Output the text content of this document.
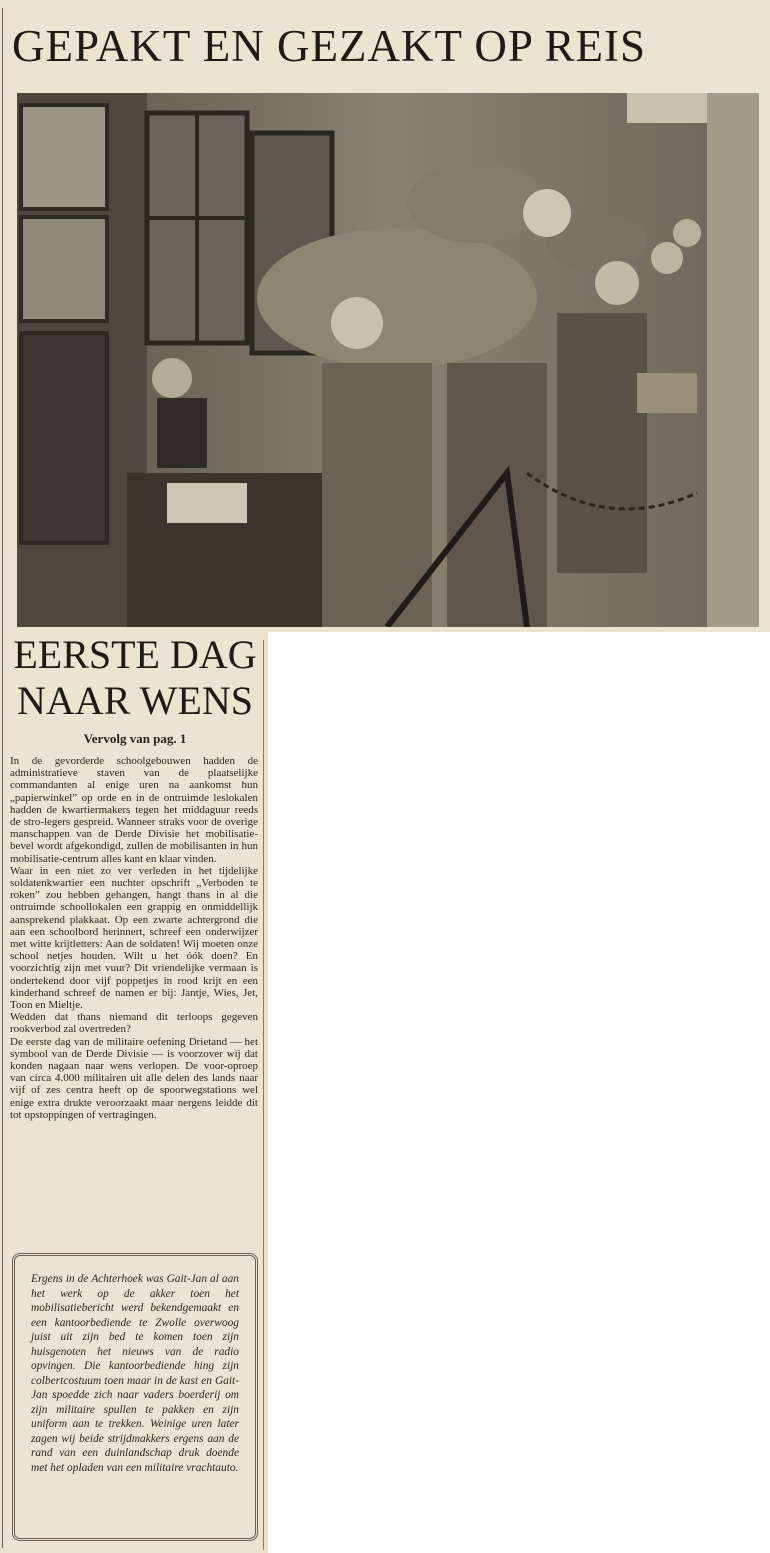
GEPAKT EN GEZAKT OP REIS
EERSTE DAG
NAAR WENS
Vervolg van pag. 1

In de gevorderde schoolgebouwen hadden de administratieve staven van de plaatselijke commandanten al enige uren na aankomst hun „papierwinkel” op orde en in de ontruimde leslokalen hadden de kwartiermakers tegen het middaguur reeds de stro-legers gespreid. Wanneer straks voor de overige manschappen van de Derde Divisie het mobilisatie-bevel wordt afgekondigd, zullen de mobilisanten in hun mobilisatie-centrum alles kant en klaar vinden.

Waar in een niet zo ver verleden in het tijdelijke soldatenkwartier een nuchter opschrift „Verboden te roken” zou hebben gehangen, hangt thans in al die ontruimde schoollokalen een grappig en onmiddellijk aansprekend plakkaat. Op een zwarte achtergrond die aan een schoolbord herinnert, schreef een onderwijzer met witte krijtletters: Aan de soldaten! Wij moeten onze school netjes houden. Wilt u het óók doen? En voorzichtig zijn met vuur? Dit vriendelijke vermaan is ondertekend door vijf poppetjes in rood krijt en een kinderhand schreef de namen er bij: Jantje, Wies, Jet, Toon en Mieltje.

Wedden dat thans niemand dit terloops gegeven rookverbod zal overtreden?

De eerste dag van de militaire oefening Drietand — het symbool van de Derde Divisie — is voorzover wij dat konden nagaan naar wens verlopen. De voor-oproep van circa 4.000 militairen uit alle delen des lands naar vijf of zes centra heeft op de spoorwegstations wel enige extra drukte veroorzaakt maar nergens leidde dit tot opstoppingen of vertragingen.

Ergens in de Achterhoek was Gait-Jan al aan het werk op de akker toen het mobilisatiebericht werd bekendgemaakt en een kantoorbediende te Zwolle overwoog juist uit zijn bed te komen toen zijn huisgenoten het nieuws van de radio opvingen. Die kantoorbediende hing zijn colbertcostuum toen maar in de kast en Gait-Jan spoedde zich naar vaders boerderij om zijn militaire spullen te pakken en zijn uniform aan te trekken. Weinige uren later zagen wij beide strijdmakkers ergens aan de rand van een duinlandschap druk doende met het opladen van een militaire vrachtauto.
